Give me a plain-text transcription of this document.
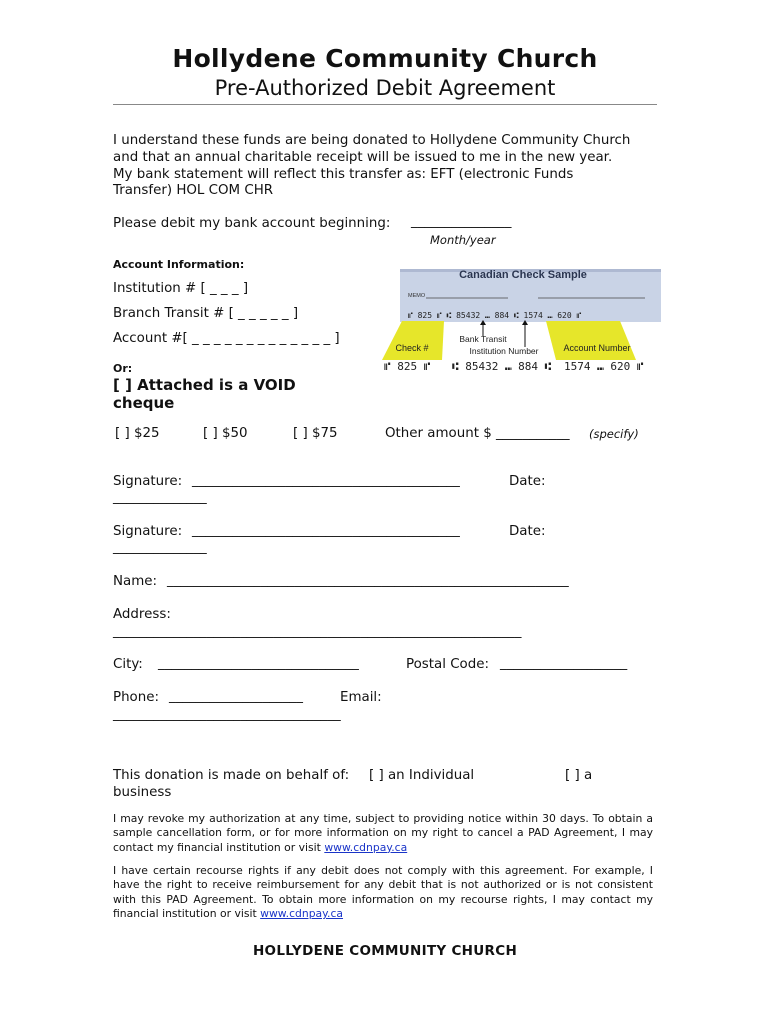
Hollydene Community Church
Pre-Authorized Debit Agreement
I understand these funds are being donated to Hollydene Community Church
and that an annual charitable receipt will be issued to me in the new year.
My bank statement will reflect this transfer as: EFT (electronic Funds
Transfer) HOL COM CHR
Please debit my bank account beginning: _______________
Month/year
Account Information:
Institution # [ _ _ _ ]
Branch Transit # [ _ _ _ _ _ ]
Account #[ _ _ _ _ _ _ _ _ _ _ _ _ _ ]
Or:
[ ] Attached is a VOID
cheque
Canadian Check Sample
MEMO
⑈ 825 ⑈ ⑆ 85432 ⑉ 884 ⑆ 1574 ⑉ 620 ⑈
Check #	Account Number
Bank Transit
Institution Number
⑈ 825 ⑈ ⑆ 85432 ⑉ 884 ⑆ 1574 ⑉ 620 ⑈
[ ] $25	[ ] $50	[ ] $75	Other amount $ ___________ (specify)
Signature: ________________________________________	Date:
______________
Signature: ________________________________________	Date:
______________
Name: ____________________________________________________________
Address:
_____________________________________________________________
City: ______________________________	Postal Code: ___________________
Phone: ____________________	Email:
__________________________________
This donation is made on behalf of: [ ] an Individual	[ ] a
business
I may revoke my authorization at any time, subject to providing notice within 30 days. To obtain a sample cancellation form, or for more information on my right to cancel a PAD Agreement, I may contact my financial institution or visit www.cdnpay.ca
I have certain recourse rights if any debit does not comply with this agreement. For example, I have the right to receive reimbursement for any debit that is not authorized or is not consistent with this PAD Agreement. To obtain more information on my recourse rights, I may contact my financial institution or visit www.cdnpay.ca
HOLLYDENE COMMUNITY CHURCH
